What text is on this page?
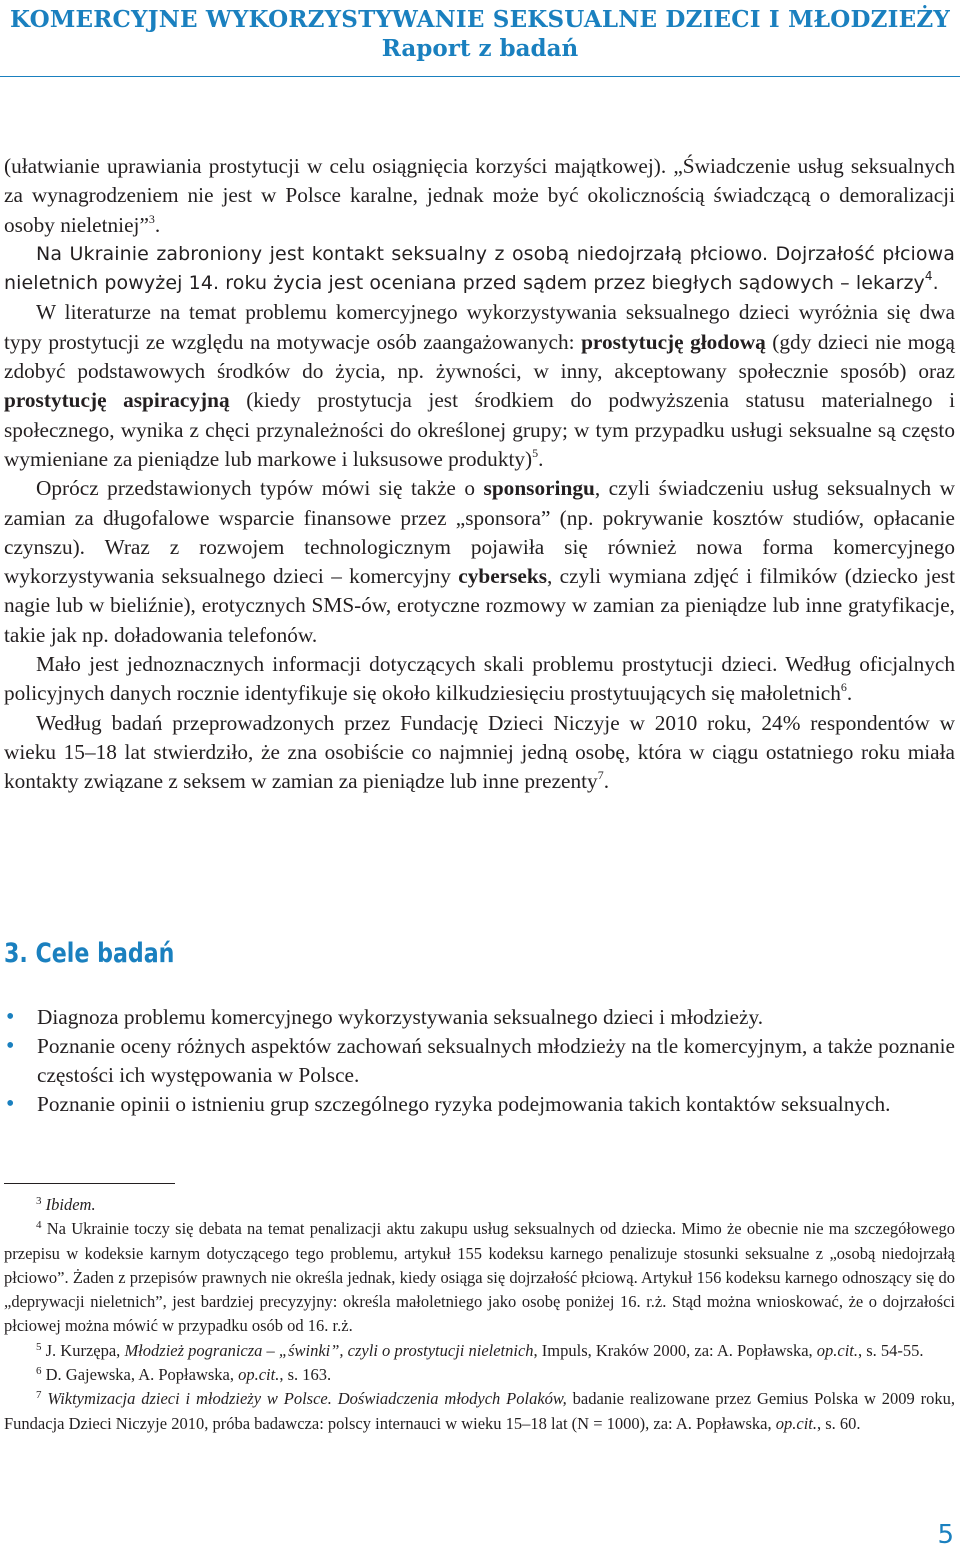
KOMERCYJNE WYKORZYSTYWANIE SEKSUALNE DZIECI I MŁODZIEŻY
Raport z badań

(ułatwianie uprawiania prostytucji w celu osiągnięcia korzyści majątkowej). „Świadczenie usług seksualnych za wynagrodzeniem nie jest w Polsce karalne, jednak może być okolicznością świadczącą o demoralizacji osoby nieletniej”$^3$.

Na Ukrainie zabroniony jest kontakt seksualny z osobą niedojrzałą płciowo. Dojrzałość płciowa nieletnich powyżej 14. roku życia jest oceniana przed sądem przez biegłych sądowych – lekarzy$^4$.

W literaturze na temat problemu komercyjnego wykorzystywania seksualnego dzieci wyróżnia się dwa typy prostytucji ze względu na motywacje osób zaangażowanych: prostytucję głodową (gdy dzieci nie mogą zdobyć podstawowych środków do życia, np. żywności, w inny, akceptowany społecznie sposób) oraz prostytucję aspiracyjną (kiedy prostytucja jest środkiem do podwyższenia statusu materialnego i społecznego, wynika z chęci przynależności do określonej grupy; w tym przypadku usługi seksualne są często wymieniane za pieniądze lub markowe i luksusowe produkty)$^5$.

Oprócz przedstawionych typów mówi się także o sponsoringu, czyli świadczeniu usług seksualnych w zamian za długofalowe wsparcie finansowe przez „sponsora” (np. pokrywanie kosztów studiów, opłacanie czynszu). Wraz z rozwojem technologicznym pojawiła się również nowa forma komercyjnego wykorzystywania seksualnego dzieci – komercyjny cyberseks, czyli wymiana zdjęć i filmików (dziecko jest nagie lub w bieliźnie), erotycznych SMS-ów, erotyczne rozmowy w zamian za pieniądze lub inne gratyfikacje, takie jak np. doładowania telefonów.

Mało jest jednoznacznych informacji dotyczących skali problemu prostytucji dzieci. Według oficjalnych policyjnych danych rocznie identyfikuje się około kilkudziesięciu prostytuujących się małoletnich$^6$.

Według badań przeprowadzonych przez Fundację Dzieci Niczyje w 2010 roku, 24% respondentów w wieku 15–18 lat stwierdziło, że zna osobiście co najmniej jedną osobę, która w ciągu ostatniego roku miała kontakty związane z seksem w zamian za pieniądze lub inne prezenty$^7$.

3. Cele badań
• Diagnoza problemu komercyjnego wykorzystywania seksualnego dzieci i młodzieży.
• Poznanie oceny różnych aspektów zachowań seksualnych młodzieży na tle komercyjnym, a także poznanie częstości ich występowania w Polsce.
• Poznanie opinii o istnieniu grup szczególnego ryzyka podejmowania takich kontaktów seksualnych.

$^3$ Ibidem.

$^4$ Na Ukrainie toczy się debata na temat penalizacji aktu zakupu usług seksualnych od dziecka. Mimo że obecnie nie ma szczegółowego przepisu w kodeksie karnym dotyczącego tego problemu, artykuł 155 kodeksu karnego penalizuje stosunki seksualne z „osobą niedojrzałą płciowo”. Żaden z przepisów prawnych nie określa jednak, kiedy osiąga się dojrzałość płciową. Artykuł 156 kodeksu karnego odnoszący się do „deprywacji nieletnich”, jest bardziej precyzyjny: określa małoletniego jako osobę poniżej 16. r.ż. Stąd można wnioskować, że o dojrzałości płciowej można mówić w przypadku osób od 16. r.ż.

$^5$ J. Kurzępa, Młodzież pogranicza – „świnki”, czyli o prostytucji nieletnich, Impuls, Kraków 2000, za: A. Popławska, op.cit., s. 54-55.

$^6$ D. Gajewska, A. Popławska, op.cit., s. 163.

$^7$ Wiktymizacja dzieci i młodzieży w Polsce. Doświadczenia młodych Polaków, badanie realizowane przez Gemius Polska w 2009 roku, Fundacja Dzieci Niczyje 2010, próba badawcza: polscy internauci w wieku 15–18 lat (N = 1000), za: A. Popławska, op.cit., s. 60.

5
